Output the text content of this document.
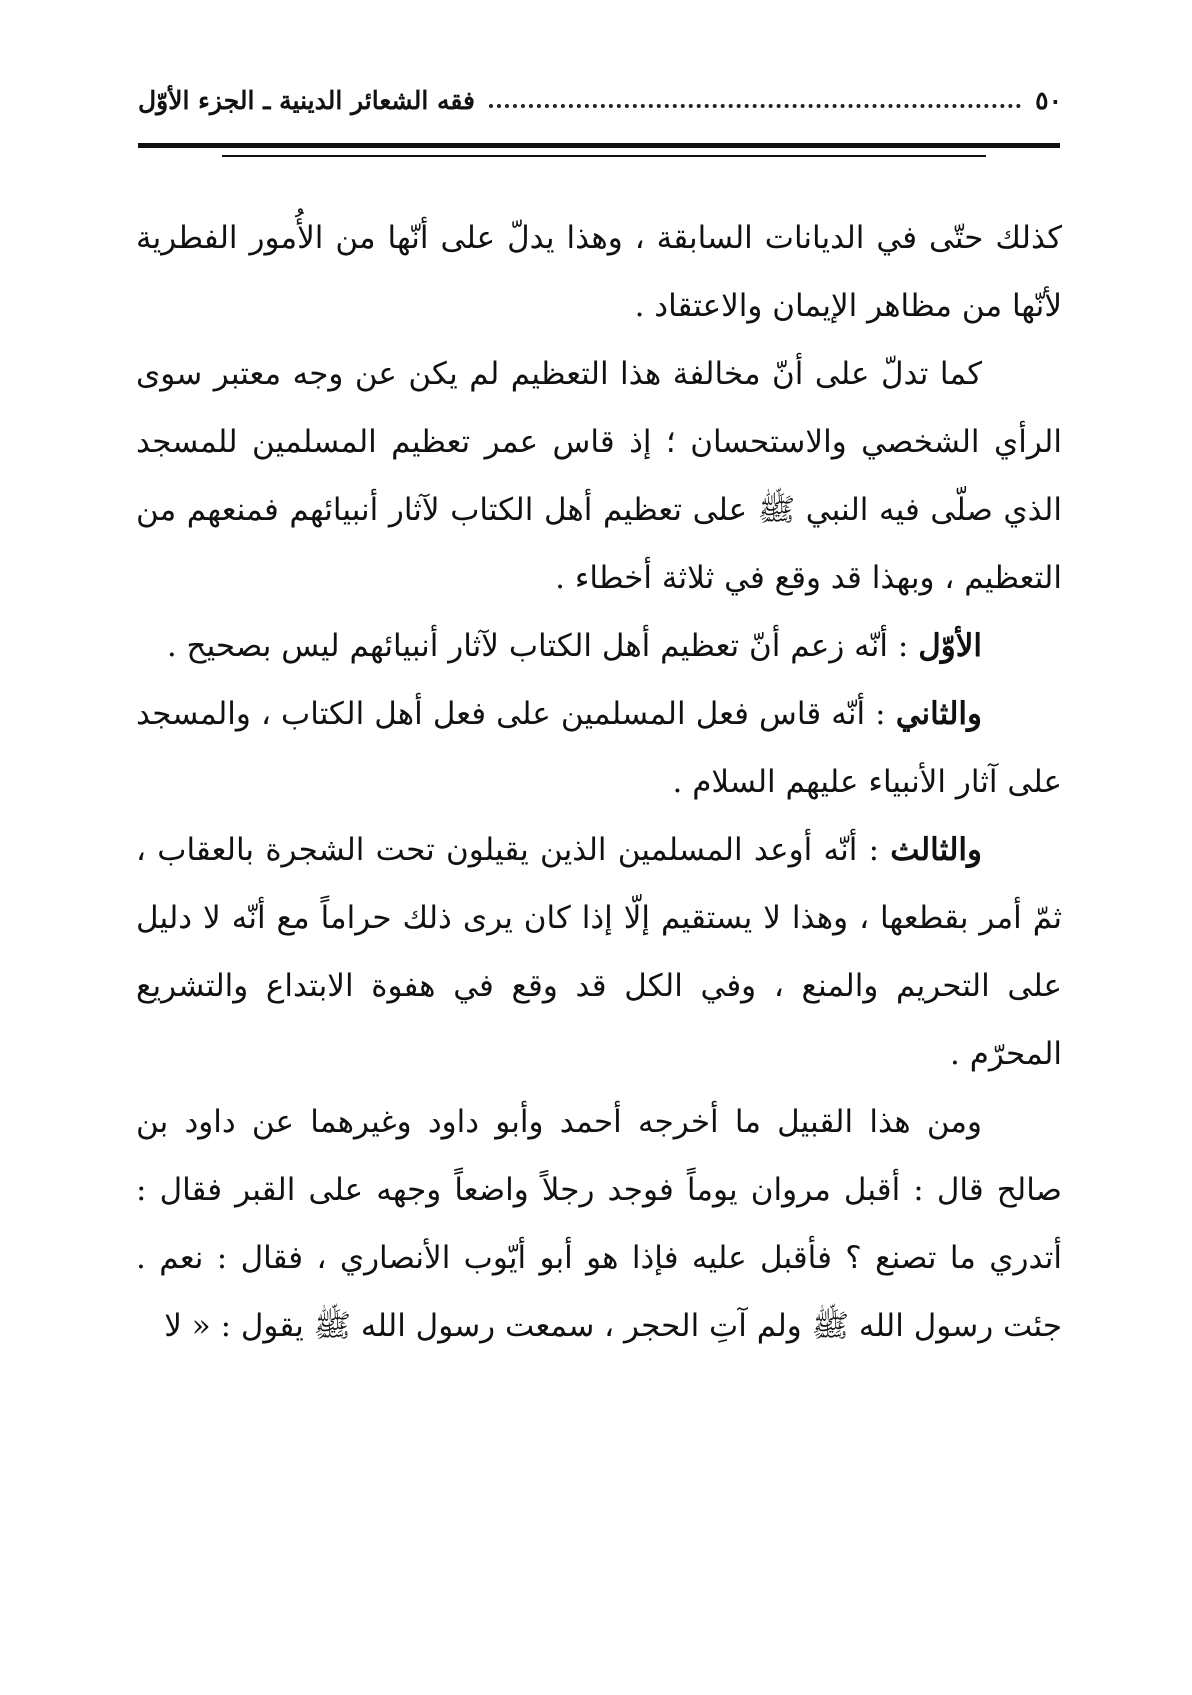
٥٠
فقه الشعائر الدينية ـ الجزء الأوّل

كذلك حتّى في الديانات السابقة ، وهذا يدلّ على أنّها من الأُمور الفطرية لأنّها من مظاهر الإيمان والاعتقاد .

كما تدلّ على أنّ مخالفة هذا التعظيم لم يكن عن وجه معتبر سوى الرأي الشخصي والاستحسان ؛ إذ قاس عمر تعظيم المسلمين للمسجد الذي صلّى فيه النبي ﷺ على تعظيم أهل الكتاب لآثار أنبيائهم فمنعهم من التعظيم ، وبهذا قد وقع في ثلاثة أخطاء .

الأوّل : أنّه زعم أنّ تعظيم أهل الكتاب لآثار أنبيائهم ليس بصحيح .

والثاني : أنّه قاس فعل المسلمين على فعل أهل الكتاب ، والمسجد على آثار الأنبياء عليهم السلام .

والثالث : أنّه أوعد المسلمين الذين يقيلون تحت الشجرة بالعقاب ، ثمّ أمر بقطعها ، وهذا لا يستقيم إلّا إذا كان يرى ذلك حراماً مع أنّه لا دليل على التحريم والمنع ، وفي الكل قد وقع في هفوة الابتداع والتشريع المحرّم .

ومن هذا القبيل ما أخرجه أحمد وأبو داود وغيرهما عن داود بن صالح قال : أقبل مروان يوماً فوجد رجلاً واضعاً وجهه على القبر فقال : أتدري ما تصنع ؟ فأقبل عليه فإذا هو أبو أيّوب الأنصاري ، فقال : نعم . جئت رسول الله ﷺ ولم آتِ الحجر ، سمعت رسول الله ﷺ يقول : « لا
